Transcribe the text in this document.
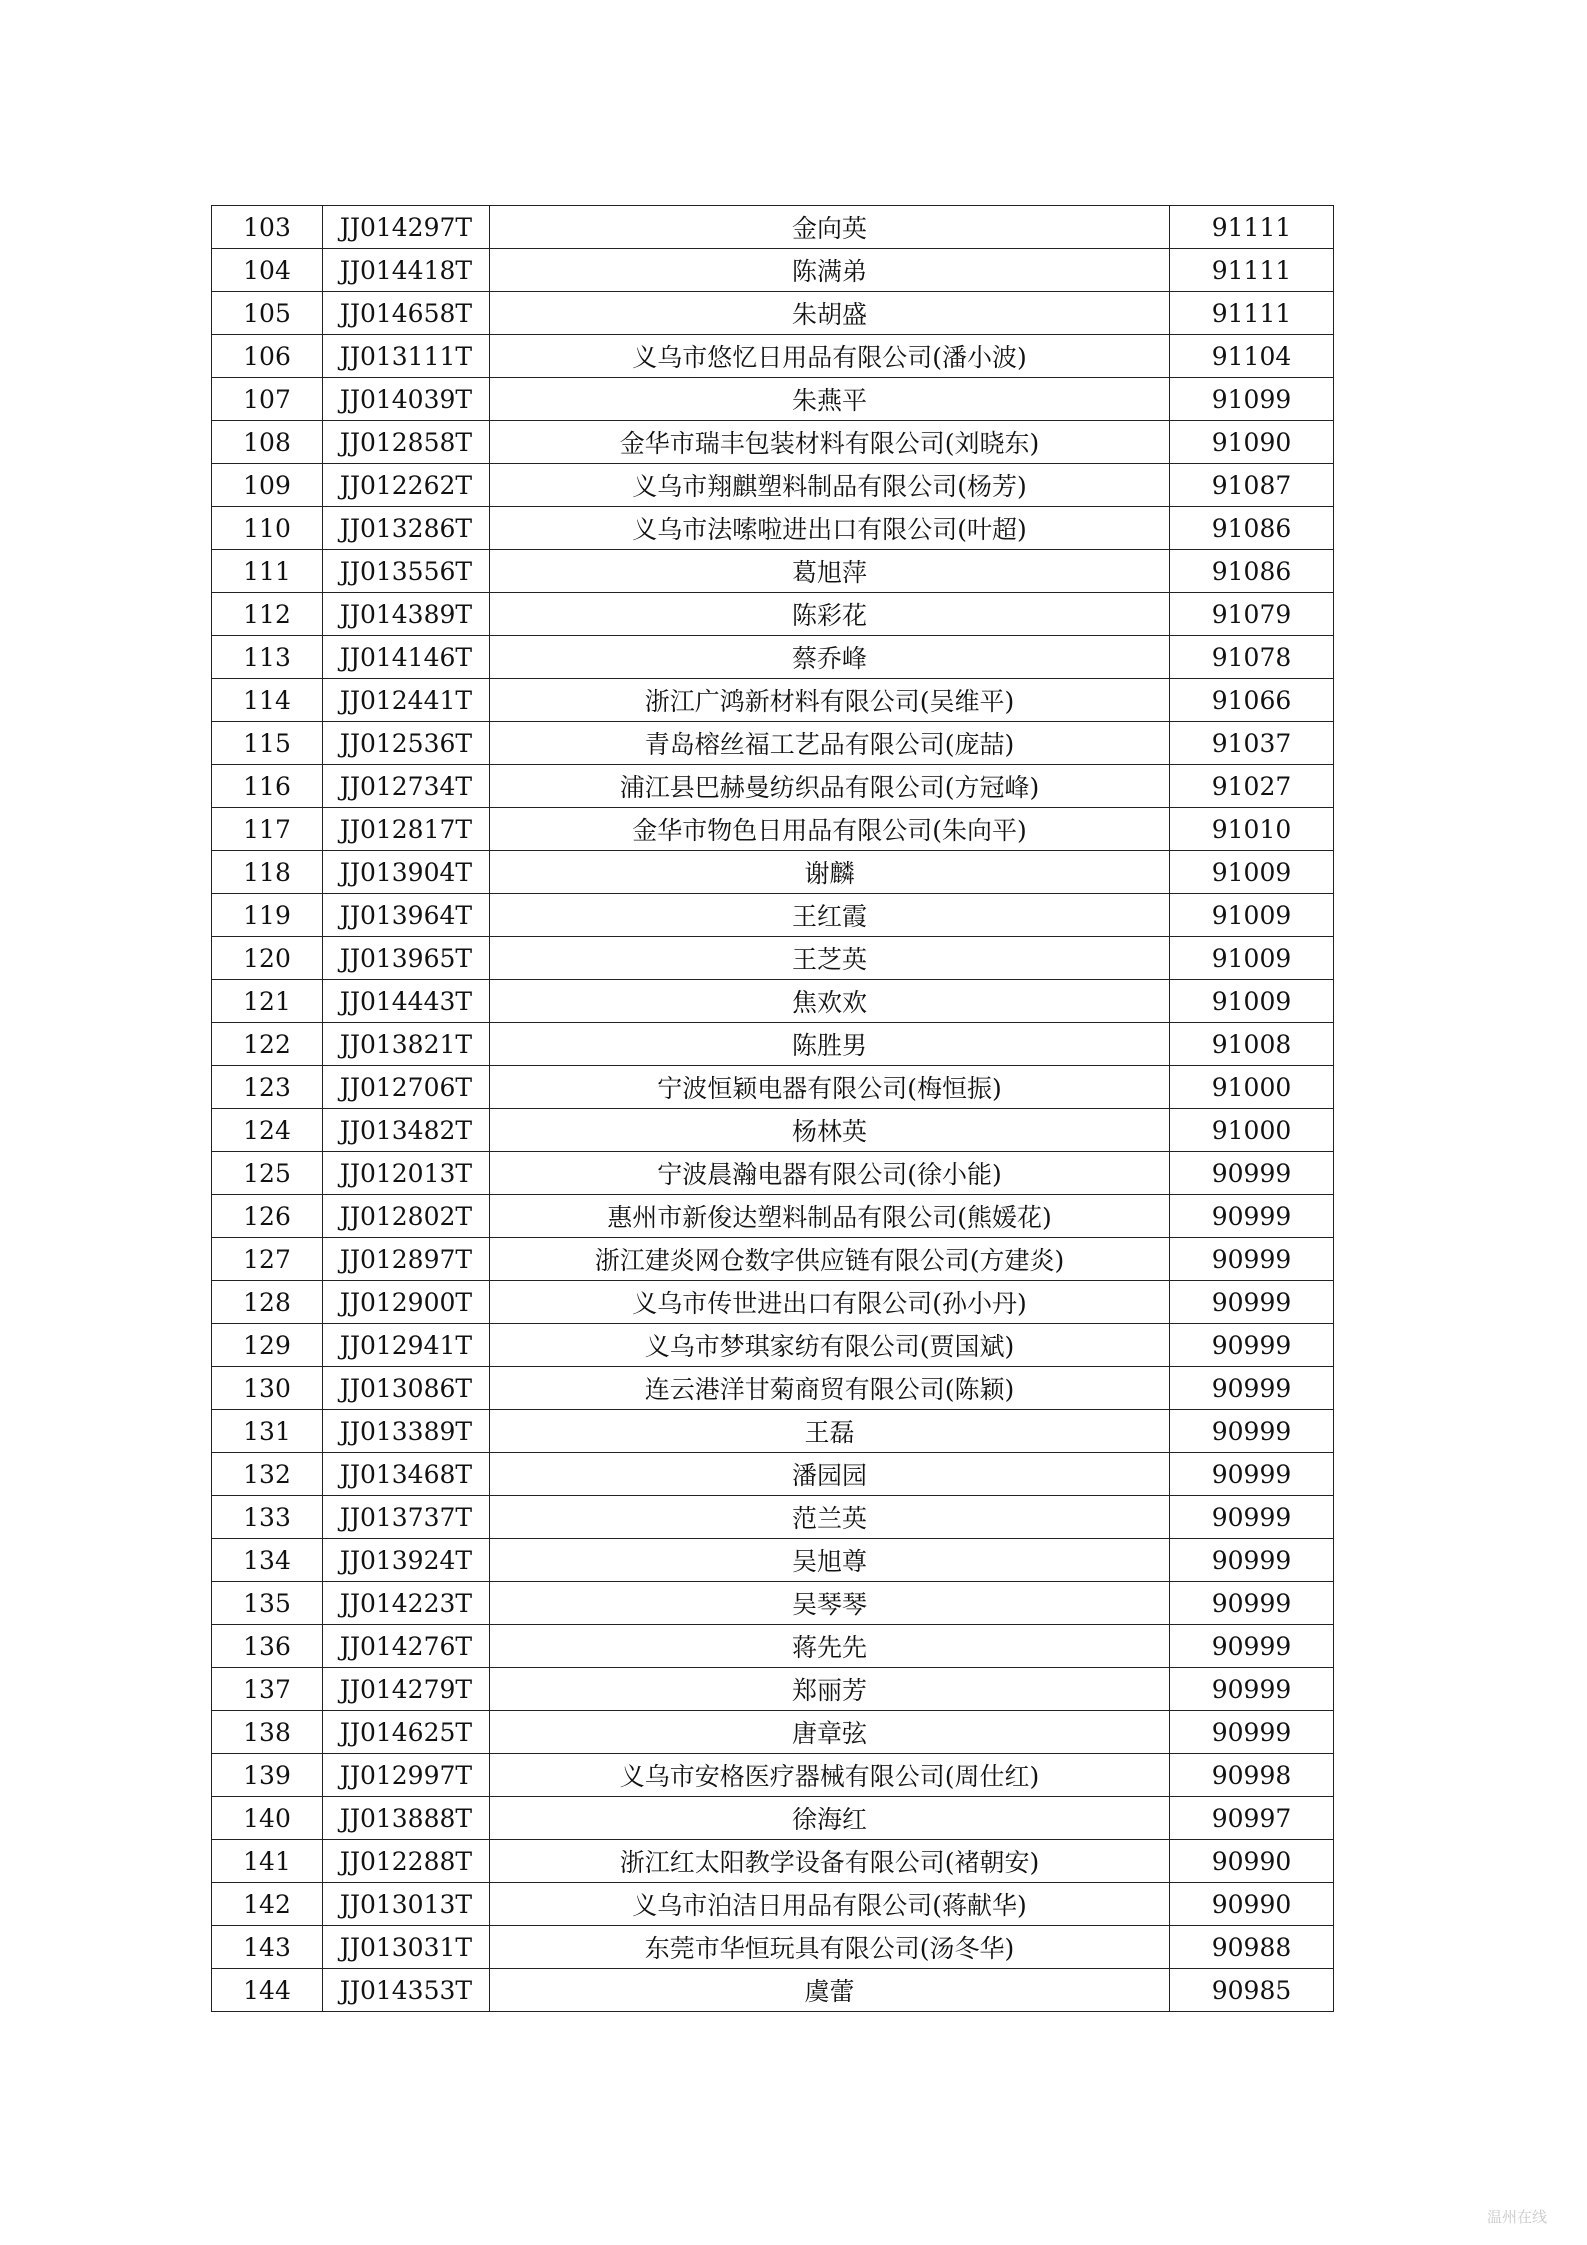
103	JJ014297T	金向英	91111
104	JJ014418T	陈满弟	91111
105	JJ014658T	朱胡盛	91111
106	JJ013111T	义乌市悠忆日用品有限公司(潘小波)	91104
107	JJ014039T	朱燕平	91099
108	JJ012858T	金华市瑞丰包装材料有限公司(刘晓东)	91090
109	JJ012262T	义乌市翔麒塑料制品有限公司(杨芳)	91087
110	JJ013286T	义乌市法嗦啦进出口有限公司(叶超)	91086
111	JJ013556T	葛旭萍	91086
112	JJ014389T	陈彩花	91079
113	JJ014146T	蔡乔峰	91078
114	JJ012441T	浙江广鸿新材料有限公司(吴维平)	91066
115	JJ012536T	青岛榕丝福工艺品有限公司(庞喆)	91037
116	JJ012734T	浦江县巴赫曼纺织品有限公司(方冠峰)	91027
117	JJ012817T	金华市物色日用品有限公司(朱向平)	91010
118	JJ013904T	谢麟	91009
119	JJ013964T	王红霞	91009
120	JJ013965T	王芝英	91009
121	JJ014443T	焦欢欢	91009
122	JJ013821T	陈胜男	91008
123	JJ012706T	宁波恒颖电器有限公司(梅恒振)	91000
124	JJ013482T	杨林英	91000
125	JJ012013T	宁波晨瀚电器有限公司(徐小能)	90999
126	JJ012802T	惠州市新俊达塑料制品有限公司(熊媛花)	90999
127	JJ012897T	浙江建炎网仓数字供应链有限公司(方建炎)	90999
128	JJ012900T	义乌市传世进出口有限公司(孙小丹)	90999
129	JJ012941T	义乌市梦琪家纺有限公司(贾国斌)	90999
130	JJ013086T	连云港洋甘菊商贸有限公司(陈颖)	90999
131	JJ013389T	王磊	90999
132	JJ013468T	潘园园	90999
133	JJ013737T	范兰英	90999
134	JJ013924T	吴旭尊	90999
135	JJ014223T	吴琴琴	90999
136	JJ014276T	蒋先先	90999
137	JJ014279T	郑丽芳	90999
138	JJ014625T	唐章弦	90999
139	JJ012997T	义乌市安格医疗器械有限公司(周仕红)	90998
140	JJ013888T	徐海红	90997
141	JJ012288T	浙江红太阳教学设备有限公司(褚朝安)	90990
142	JJ013013T	义乌市泊洁日用品有限公司(蒋献华)	90990
143	JJ013031T	东莞市华恒玩具有限公司(汤冬华)	90988
144	JJ014353T	虞蕾	90985
温州在线
